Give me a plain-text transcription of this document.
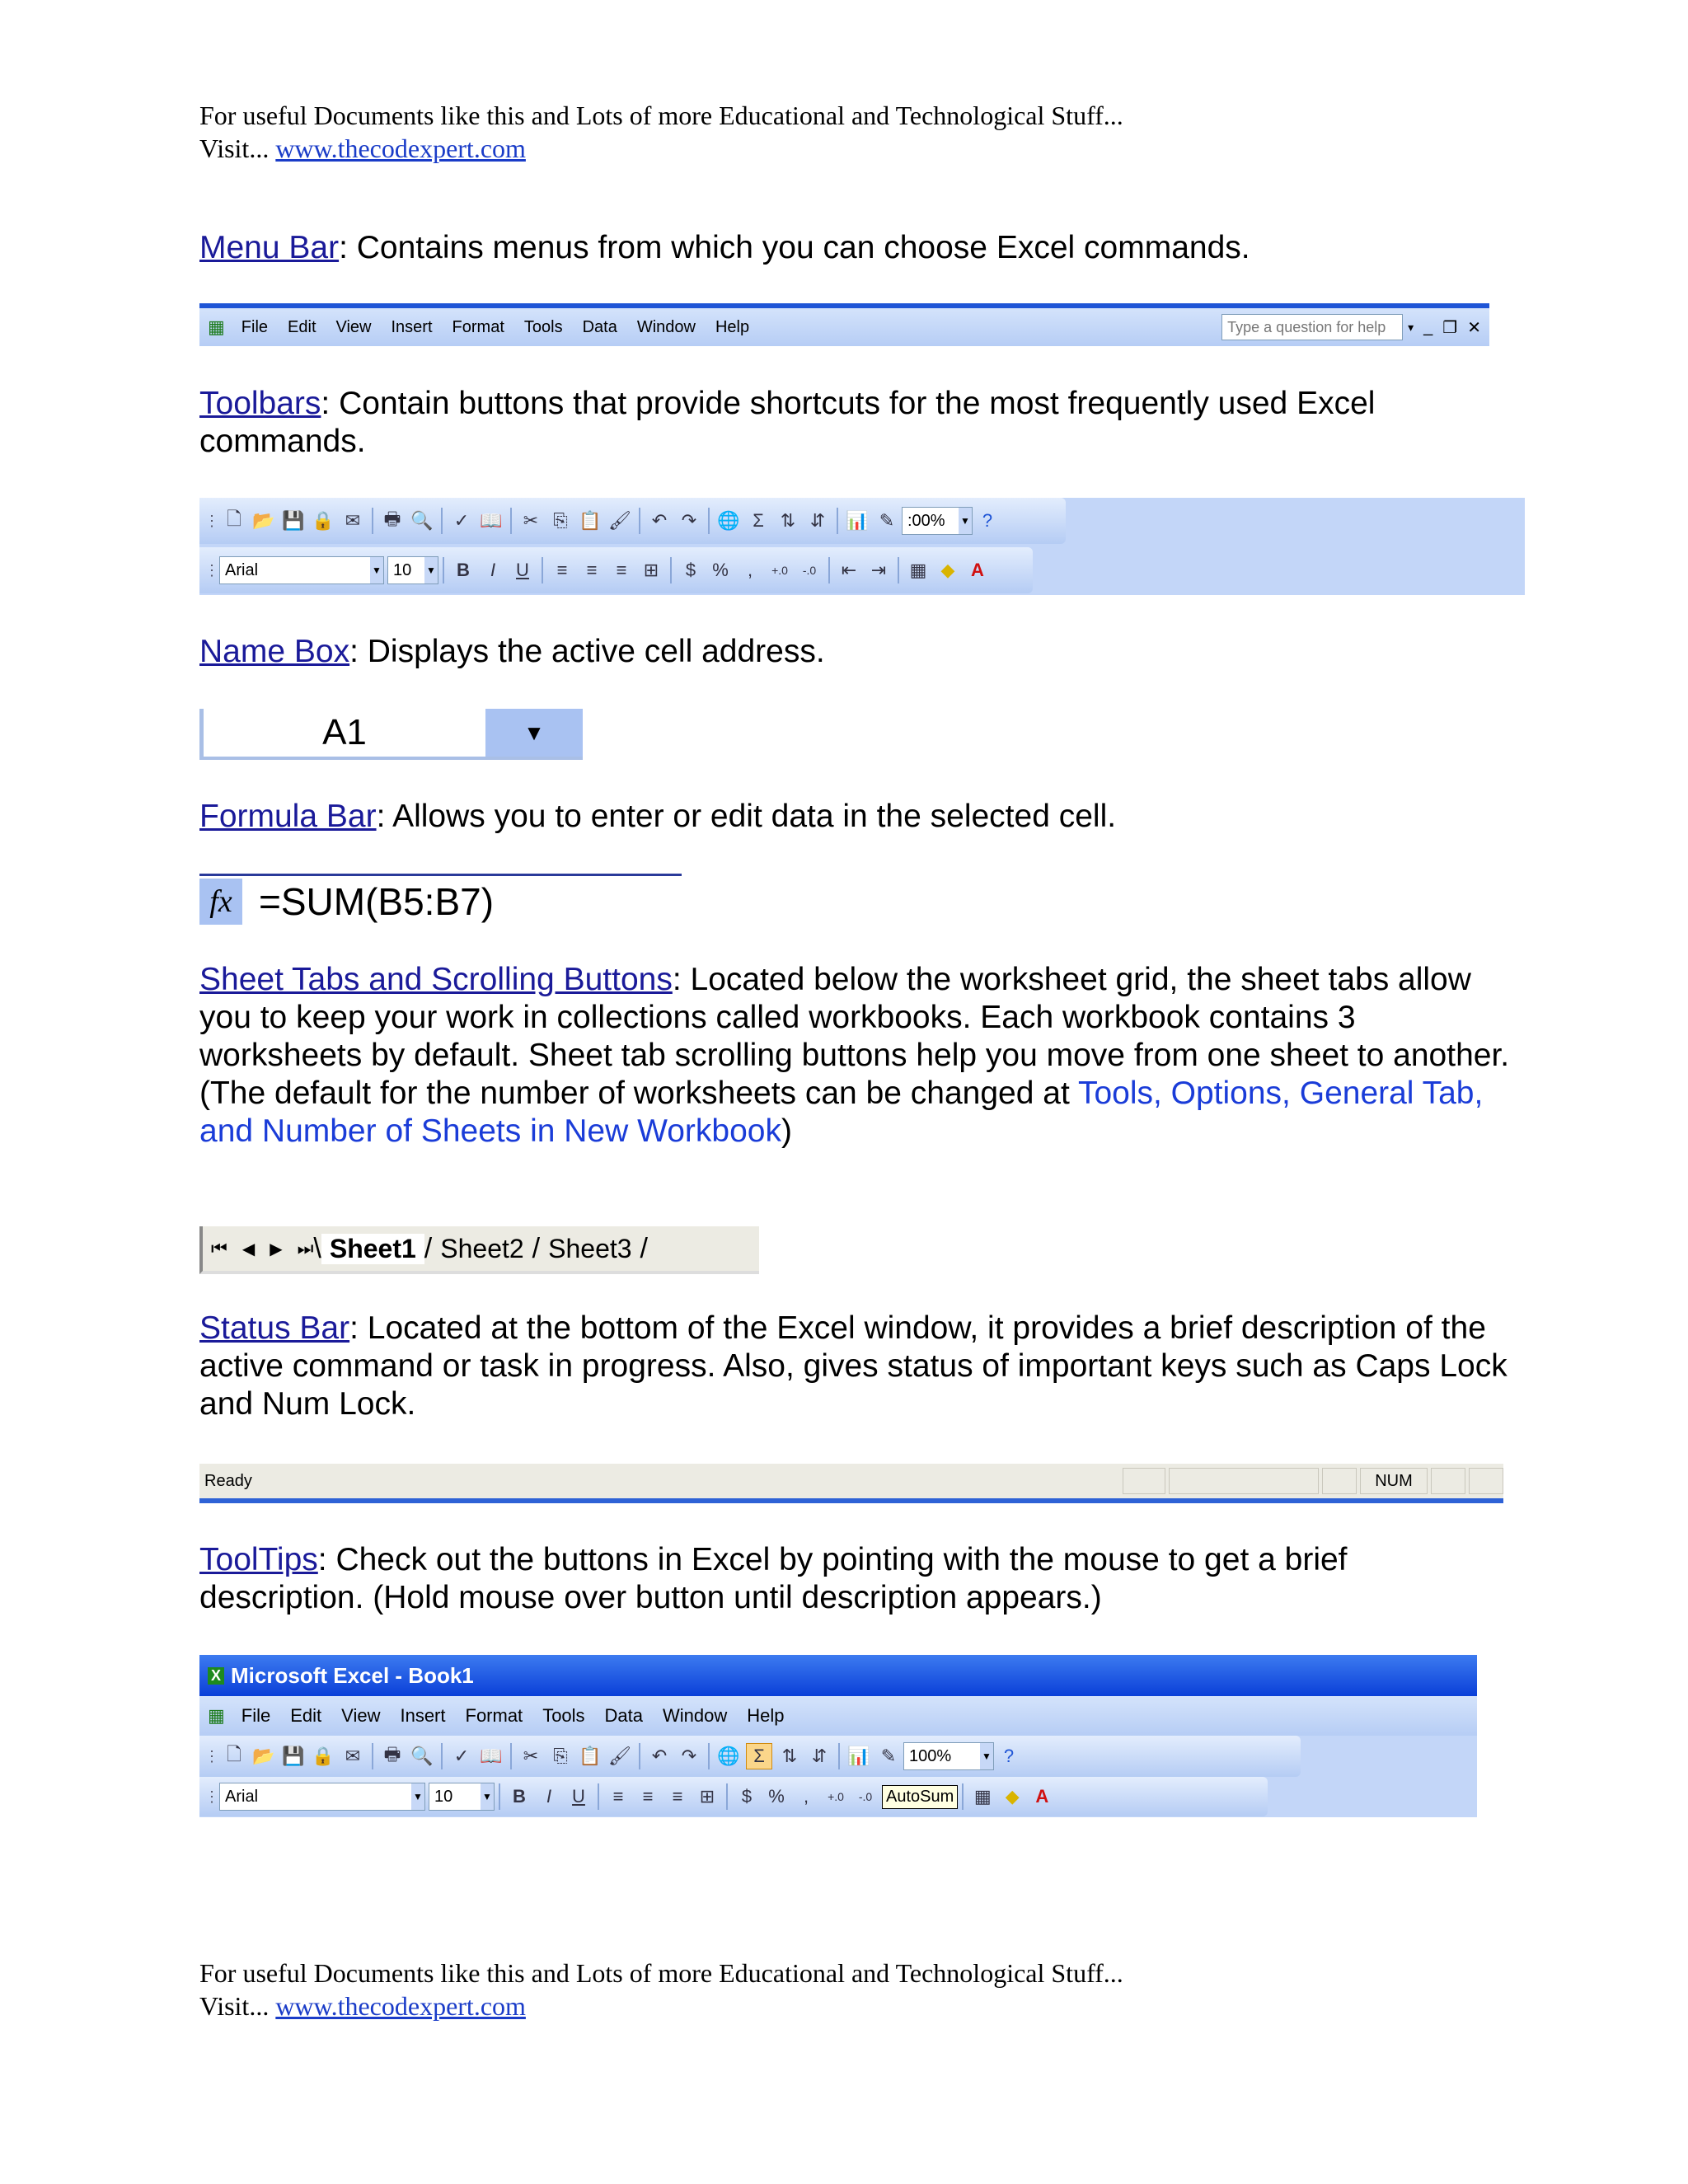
For useful Documents like this and Lots of more Educational and Technological Stuff...
Visit... www.thecodexpert.com
Menu Bar: Contains menus from which you can choose Excel commands.
▦	File	Edit	View	Insert	Format	Tools	Data	Window	Help	Type a question for help ▾ _ ❐ ✕
Toolbars: Contain buttons that provide shortcuts for the most frequently used Excel commands.
⋮ 🗋 📂 💾 🔒 ✉ 🖶 🔍 ✓ 📖 ✂ ⎘ 📋 🖌 ↶ ↷ 🌐 Σ ⇅ ⇵ 📊 ✎ :00% ▼ ?
⋮ Arial	▼ 10 ▼	B	I	U	≡	≡	≡ ⊞	$ %	,	+.0	-.0	⇤ ⇥ ▦ ◆ A
Name Box: Displays the active cell address.
A1	▼
Formula Bar: Allows you to enter or edit data in the selected cell.
fx =SUM(B5:B7)
Sheet Tabs and Scrolling Buttons: Located below the worksheet grid, the sheet tabs allow you to keep your work in collections called workbooks. Each workbook contains 3 worksheets by default. Sheet tab scrolling buttons help you move from one sheet to another. (The default for the number of worksheets can be changed at Tools, Options, General Tab, and Number of Sheets in New Workbook)
⏮ ◀ ▶ ⏭ \ Sheet1 / Sheet2 / Sheet3 /
Status Bar: Located at the bottom of the Excel window, it provides a brief description of the active command or task in progress. Also, gives status of important keys such as Caps Lock and Num Lock.
Ready	NUM
ToolTips: Check out the buttons in Excel by pointing with the mouse to get a brief description. (Hold mouse over button until description appears.)
X Microsoft Excel - Book1
▦ File	Edit	View	Insert	Format	Tools	Data	Window	Help
⋮ 🗋 📂 💾 🔒 ✉ 🖶 🔍 ✓ 📖 ✂ ⎘ 📋 🖌 ↶ ↷ 🌐 Σ ⇅ ⇵ 📊 ✎ 100%	▼ ?
⋮ Arial	▼ 10	▼	B	I	U	≡	≡	≡ ⊞	$ %	,	+.0	-.0 AutoSum ▦ ◆ A
For useful Documents like this and Lots of more Educational and Technological Stuff...
Visit... www.thecodexpert.com
